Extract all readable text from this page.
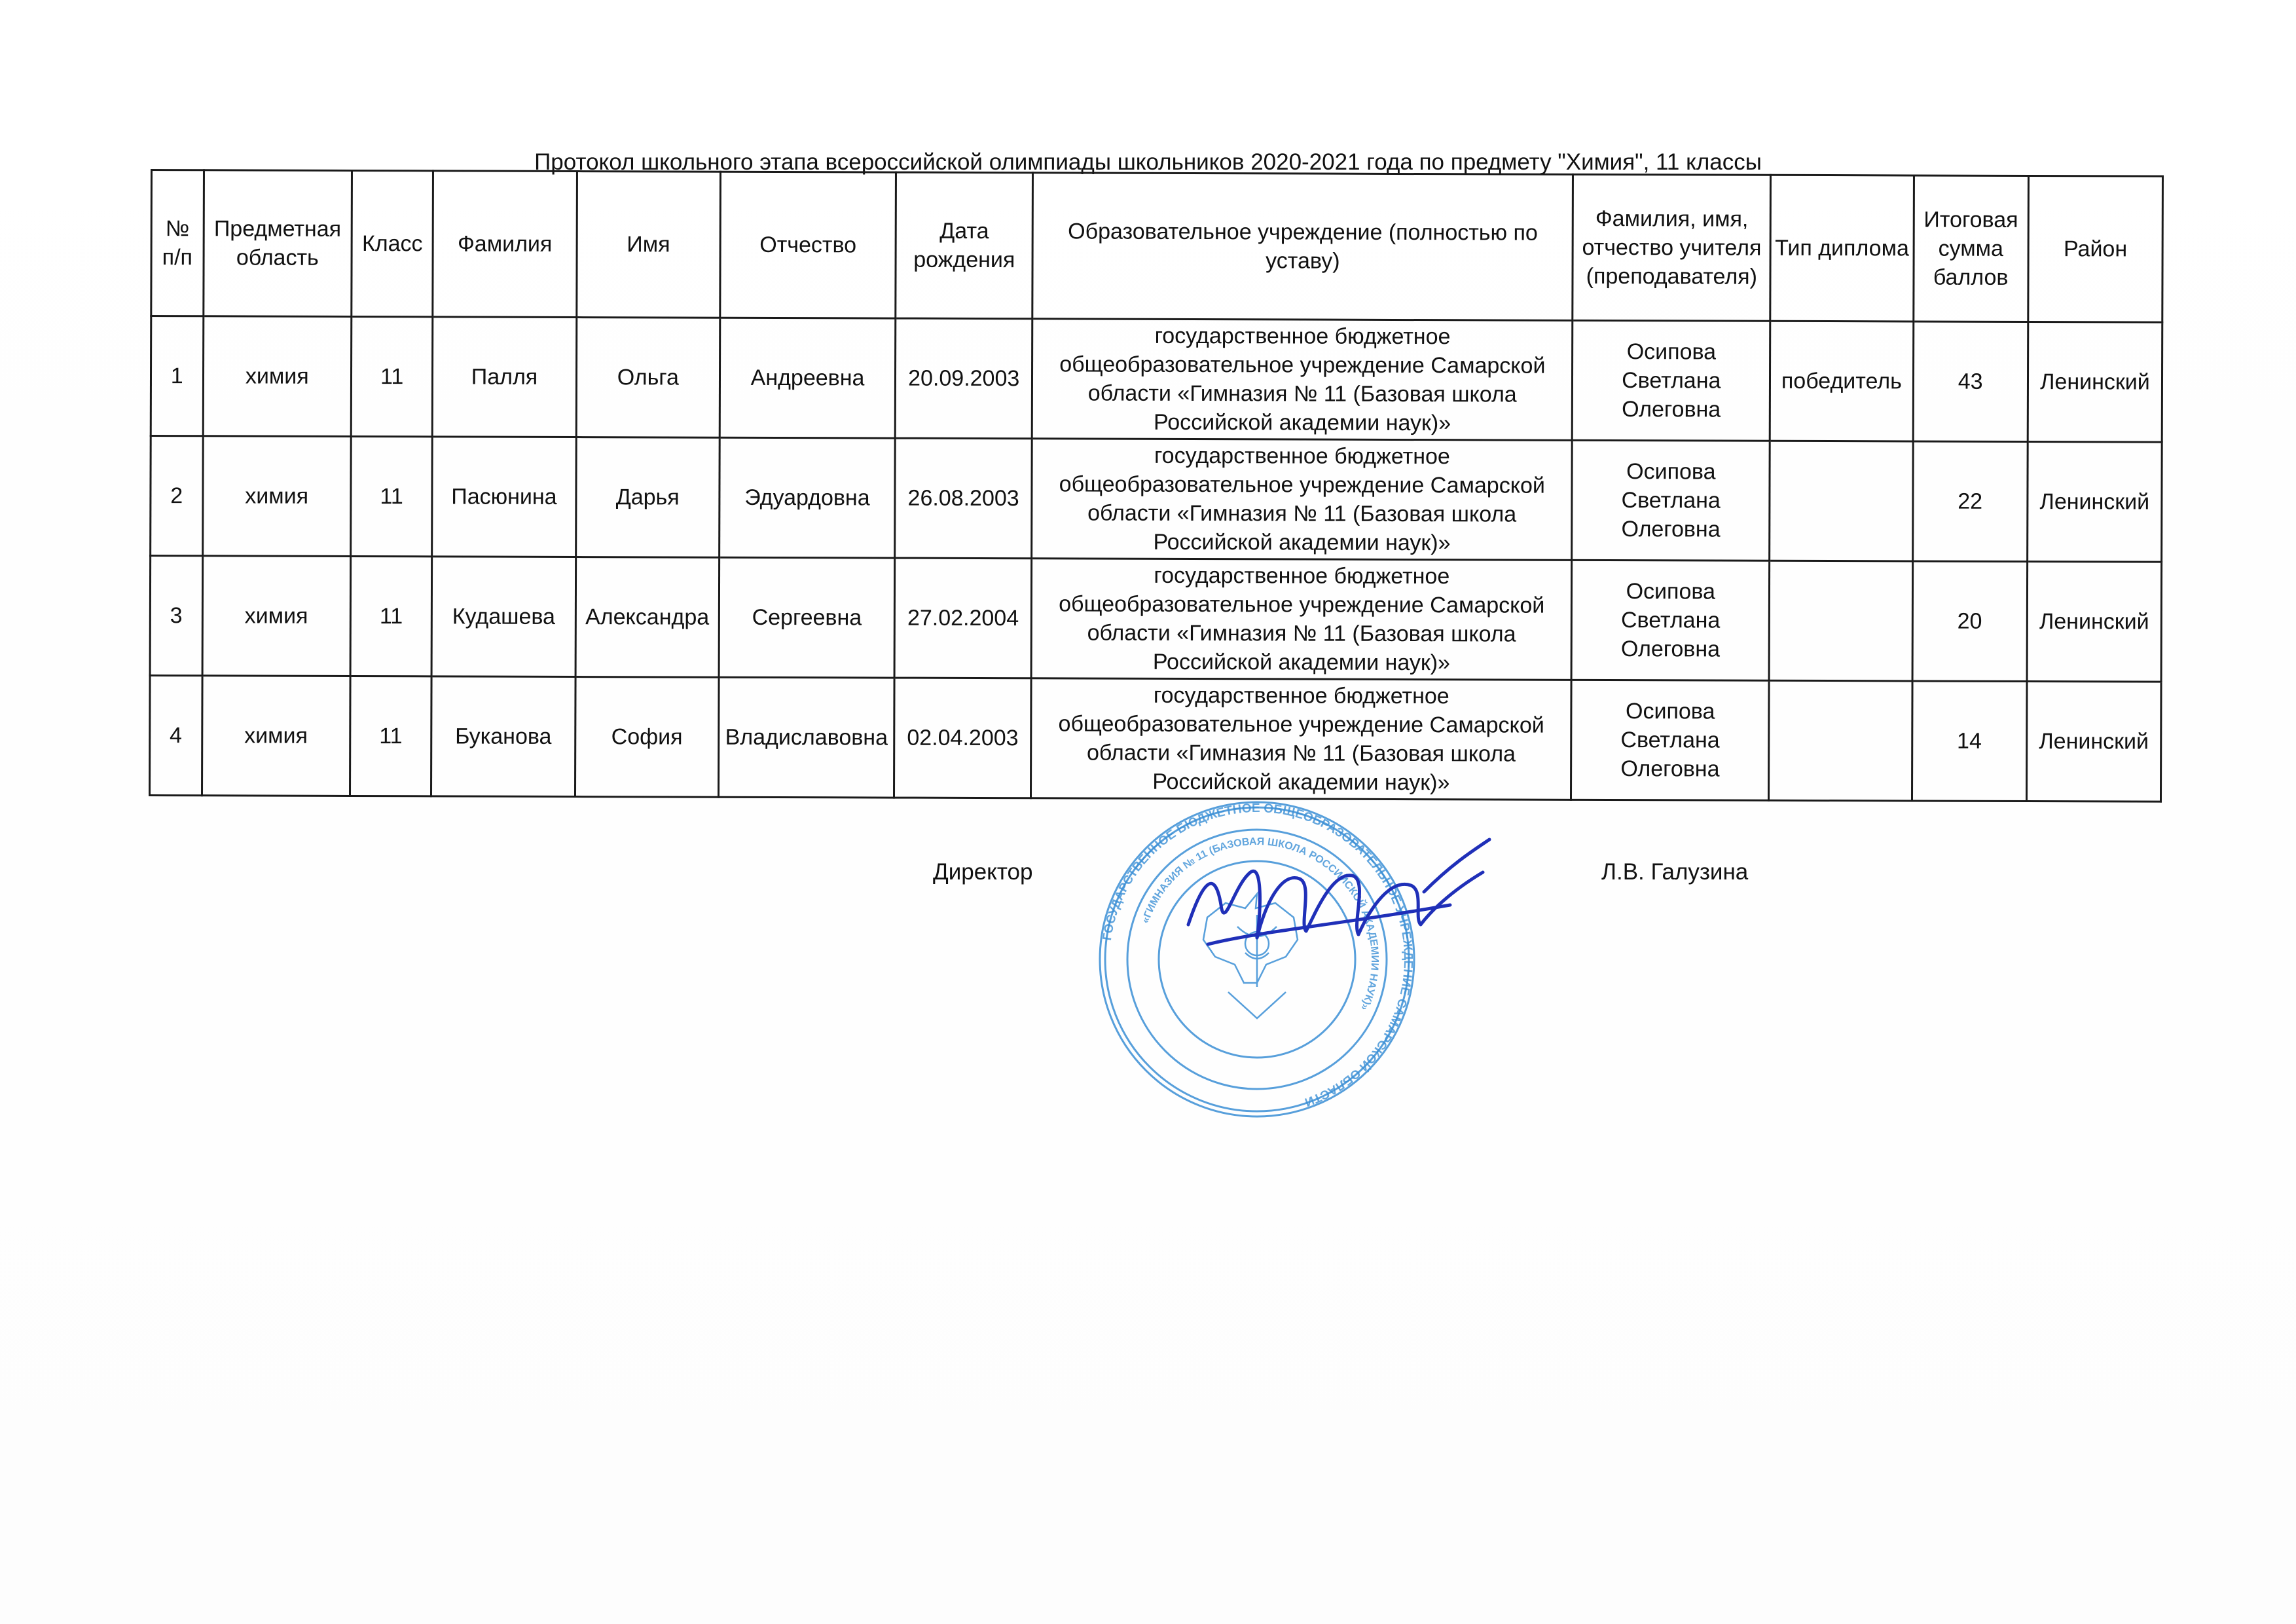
Протокол школьного этапа всероссийской олимпиады школьников 2020-2021 года по предмету "Химия", 11 классы
№ п/п	Предметная область	Класс	Фамилия	Имя	Отчество	Дата рождения	Образовательное учреждение (полностью по уставу)	Фамилия, имя, отчество учителя (преподавателя)	Тип диплома	Итоговая сумма баллов	Район
1	химия	11	Палля	Ольга	Андреевна	20.09.2003	государственное бюджетное общеобразовательное учреждение Самарской области «Гимназия № 11 (Базовая школа Российской академии наук)»	Осипова Светлана Олеговна	победитель	43	Ленинский
2	химия	11	Пасюнина	Дарья	Эдуардовна	26.08.2003	государственное бюджетное общеобразовательное учреждение Самарской области «Гимназия № 11 (Базовая школа Российской академии наук)»	Осипова Светлана Олеговна		22	Ленинский
3	химия	11	Кудашева	Александра	Сергеевна	27.02.2004	государственное бюджетное общеобразовательное учреждение Самарской области «Гимназия № 11 (Базовая школа Российской академии наук)»	Осипова Светлана Олеговна		20	Ленинский
4	химия	11	Буканова	София	Владиславовна	02.04.2003	государственное бюджетное общеобразовательное учреждение Самарской области «Гимназия № 11 (Базовая школа Российской академии наук)»	Осипова Светлана Олеговна		14	Ленинский
Директор	Л.В. Галузина
ГОСУДАРСТВЕННОЕ БЮДЖЕТНОЕ ОБЩЕОБРАЗОВАТЕЛЬНОЕ УЧРЕЖДЕНИЕ САМАРСКОЙ ОБЛАСТИ
«ГИМНАЗИЯ № 11 (БАЗОВАЯ ШКОЛА РОССИЙСКОЙ АКАДЕМИИ НАУК)»
